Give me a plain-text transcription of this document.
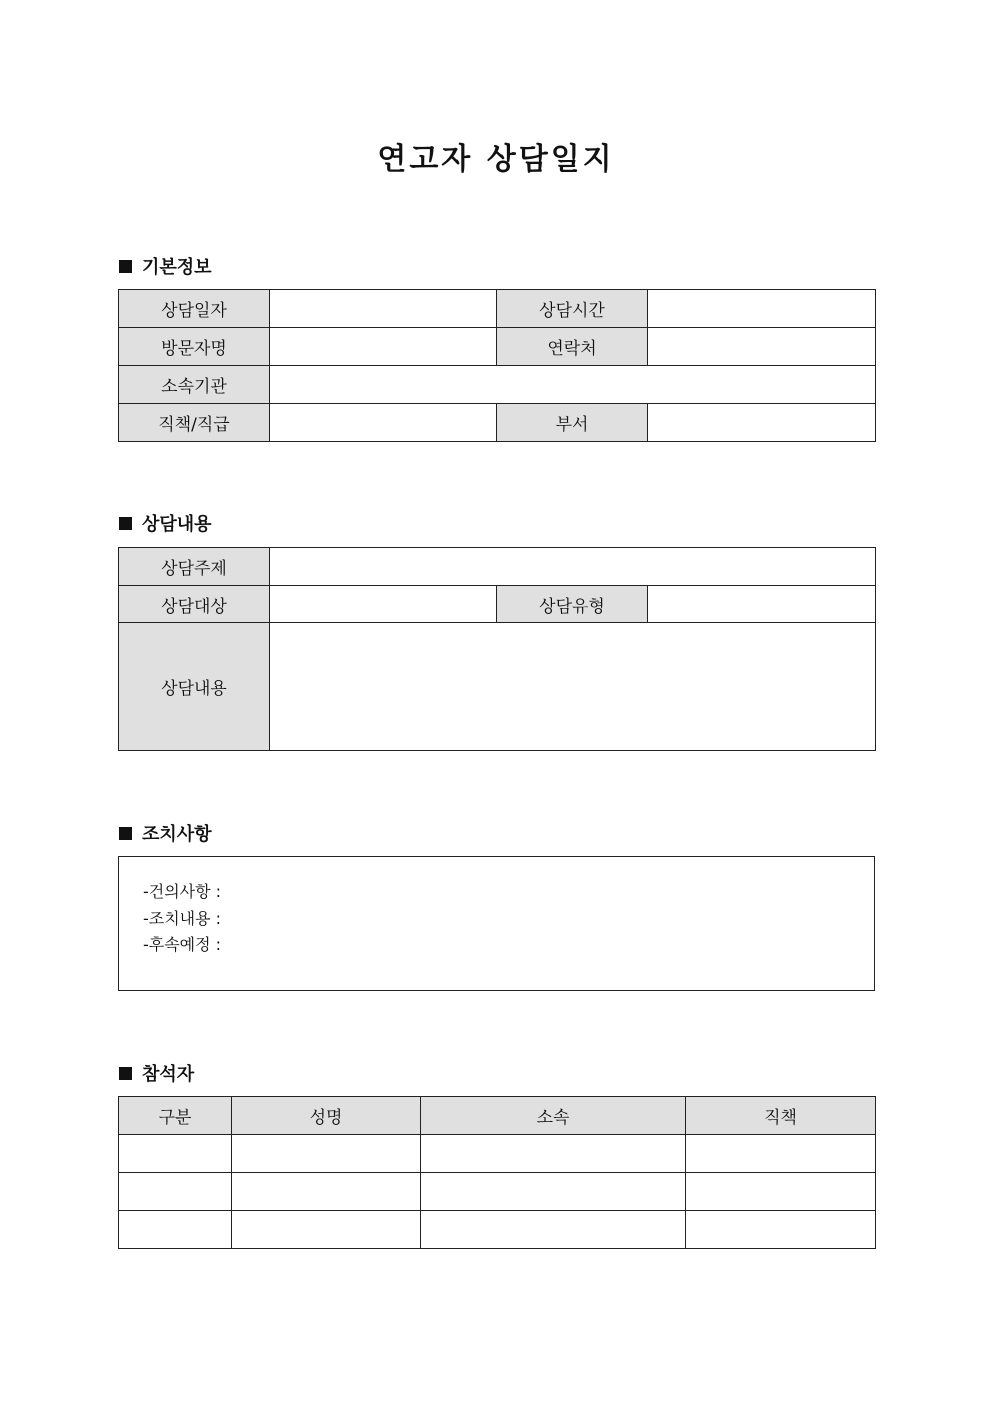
연고자 상담일지
기본정보
상담일자		상담시간	
방문자명		연락처	
소속기관			
직책/직급		부서	
상담내용
상담주제			
상담대상		상담유형	
상담내용			
조치사항
-건의사항 :
-조치내용 :
-후속예정 :
참석자
구분	성명	소속	직책
